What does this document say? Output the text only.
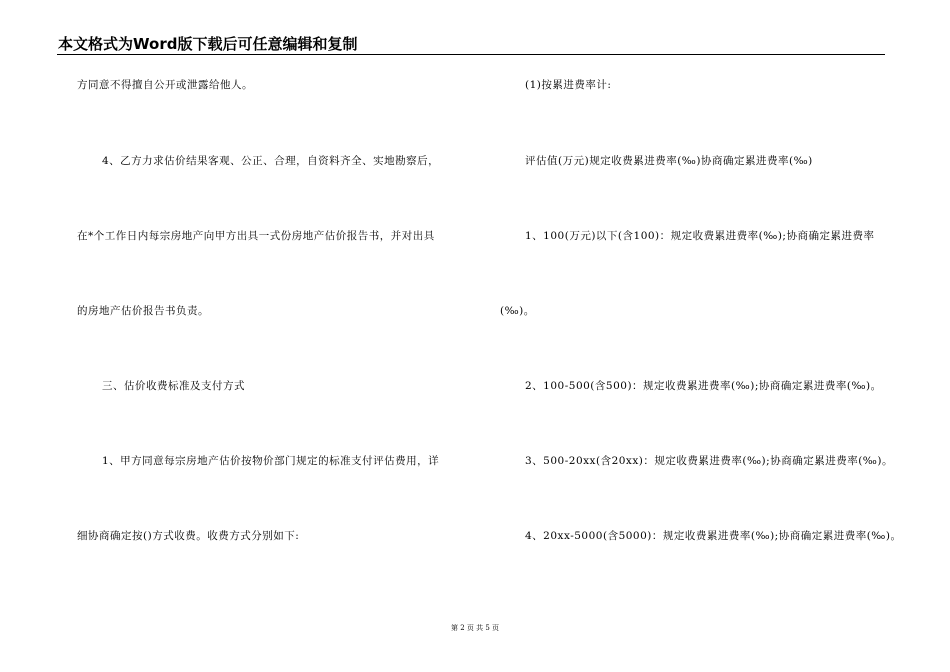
本文格式为Word版下载后可任意编辑和复制
方同意不得擅自公开或泄露给他人。
4、乙方力求估价结果客观、公正、合理，自资料齐全、实地勘察后，
在*个工作日内每宗房地产向甲方出具一式份房地产估价报告书，并对出具
的房地产估价报告书负责。
三、估价收费标准及支付方式
1、甲方同意每宗房地产估价按物价部门规定的标准支付评估费用，详
细协商确定按()方式收费。收费方式分别如下:
(1)按累进费率计:
评估值(万元)规定收费累进费率(‰)协商确定累进费率(‰)
1、100(万元)以下(含100)：规定收费累进费率(‰);协商确定累进费率
(‰)。
2、100-500(含500)：规定收费累进费率(‰);协商确定累进费率(‰)。
3、500-20xx(含20xx)：规定收费累进费率(‰);协商确定累进费率(‰)。
4、20xx-5000(含5000)：规定收费累进费率(‰);协商确定累进费率(‰)。
第 2 页 共 5 页
